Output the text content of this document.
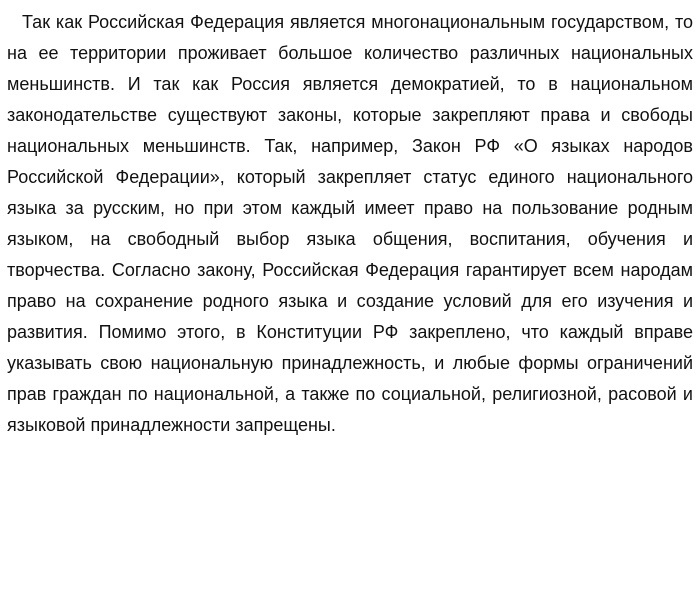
Так как Российская Федерация является многонациональным государством, то на ее территории проживает большое количество различных национальных меньшинств. И так как Россия является демократией, то в национальном законодательстве существуют законы, которые закрепляют права и свободы национальных меньшинств. Так, например, Закон РФ «О языках народов Российской Федерации», который закрепляет статус единого национального языка за русским, но при этом каждый имеет право на пользование родным языком, на свободный выбор языка общения, воспитания, обучения и творчества. Согласно закону, Российская Федерация гарантирует всем народам право на сохранение родного языка и создание условий для его изучения и развития. Помимо этого, в Конституции РФ закреплено, что каждый вправе указывать свою национальную принадлежность, и любые формы ограничений прав граждан по национальной, а также по социальной, религиозной, расовой и языковой принадлежности запрещены.
